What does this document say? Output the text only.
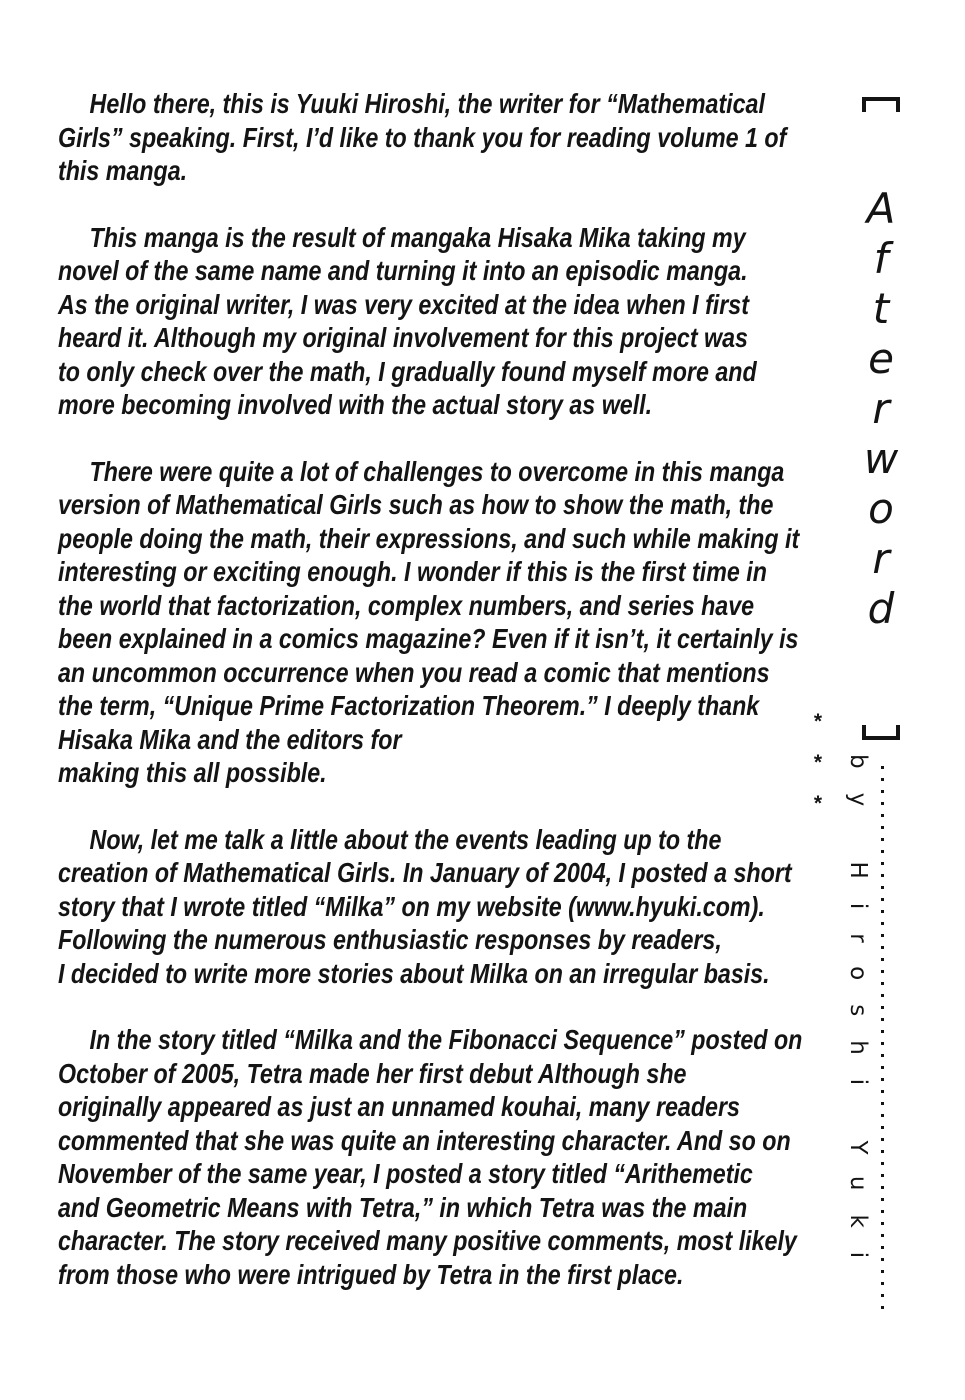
Hello there, this is Yuuki Hiroshi, the writer for “Mathematical
Girls” speaking. First, I’d like to thank you for reading volume 1 of
this manga.

This manga is the result of mangaka Hisaka Mika taking my
novel of the same name and turning it into an episodic manga.
As the original writer, I was very excited at the idea when I first
heard it. Although my original involvement for this project was
to only check over the math, I gradually found myself more and
more becoming involved with the actual story as well.

There were quite a lot of challenges to overcome in this manga
version of Mathematical Girls such as how to show the math, the
people doing the math, their expressions, and such while making it
interesting or exciting enough. I wonder if this is the first time in
the world that factorization, complex numbers, and series have
been explained in a comics magazine? Even if it isn’t, it certainly is
an uncommon occurrence when you read a comic that mentions
the term, “Unique Prime Factorization Theorem.” I deeply thank
Hisaka Mika and the editors for
making this all possible.

Now, let me talk a little about the events leading up to the
creation of Mathematical Girls. In January of 2004, I posted a short
story that I wrote titled “Milka” on my website (www.hyuki.com).
Following the numerous enthusiastic responses by readers,
I decided to write more stories about Milka on an irregular basis.

In the story titled “Milka and the Fibonacci Sequence” posted on
October of 2005, Tetra made her first debut Although she
originally appeared as just an unnamed kouhai, many readers
commented that she was quite an interesting character. And so on
November of the same year, I posted a story titled “Arithemetic
and Geometric Means with Tetra,” in which Tetra was the main
character. The story received many positive comments, most likely
from those who were intrigued by Tetra in the first place.

A
f
t
e
r
w
o
r
d
*
*
* by Hiroshi Yuki
